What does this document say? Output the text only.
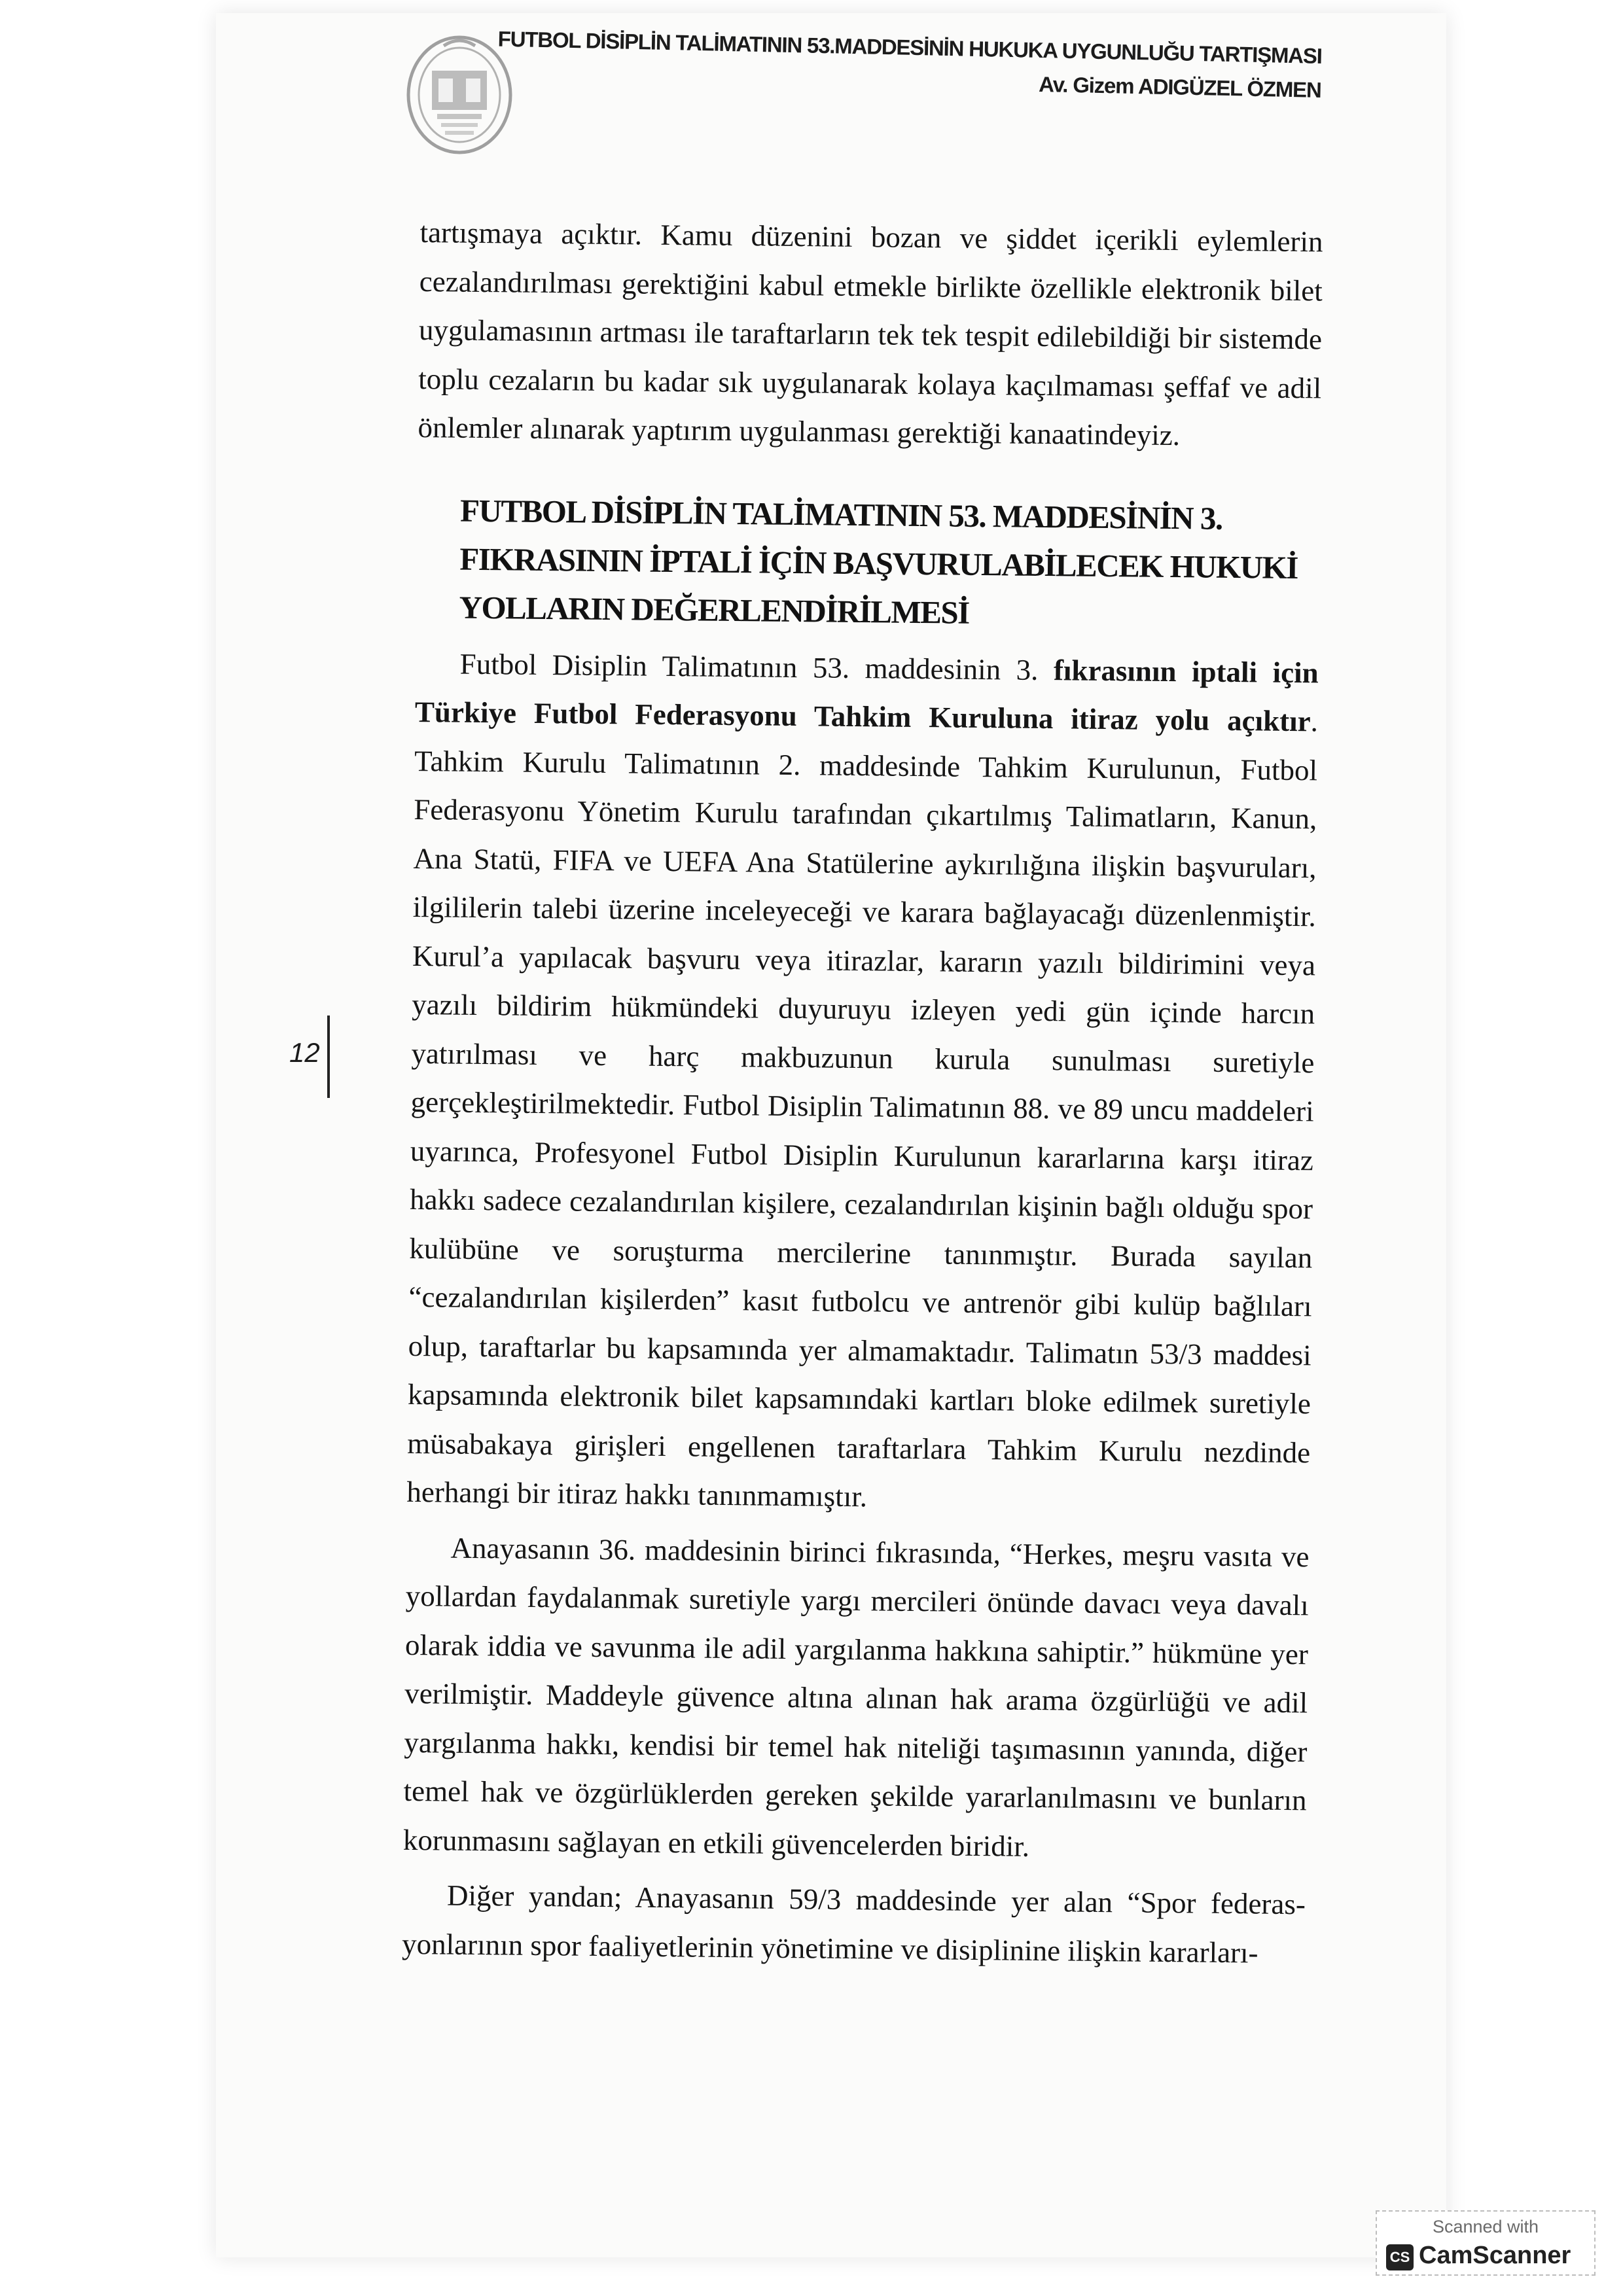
FUTBOL DİSİPLİN TALİMATININ 53.MADDESİNİN HUKUKA UYGUNLUĞU TARTIŞMASI
Av. Gizem ADIGÜZEL ÖZMEN

tartışmaya açıktır. Kamu düzenini bozan ve şiddet içerikli eylemlerin cezalandırılması gerektiğini kabul etmekle birlikte özellikle elektronik bilet uygulamasının artması ile taraftarların tek tek tespit edilebildiği bir sistemde toplu cezaların bu kadar sık uygulanarak kolaya kaçılmaması şeffaf ve adil önlemler alınarak yaptırım uygulanması gerektiği kanaatindeyiz.

FUTBOL DİSİPLİN TALİMATININ 53. MADDESİNİN 3.
FIKRASININ İPTALİ İÇİN BAŞVURULABİLECEK HUKUKİ
YOLLARIN DEĞERLENDİRİLMESİ

Futbol Disiplin Talimatının 53. maddesinin 3. fıkrasının iptali için Türkiye Futbol Federasyonu Tahkim Kuruluna itiraz yolu açıktır. Tahkim Kurulu Talimatının 2. maddesinde Tahkim Kurulunun, Futbol Federasyonu Yönetim Kurulu tarafından çıkartılmış Talimatların, Kanun, Ana Statü, FIFA ve UEFA Ana Statülerine aykırılığına ilişkin başvuruları, ilgililerin talebi üzerine inceleyeceği ve karara bağlayacağı düzenlenmiştir. Kurul’a yapılacak başvuru veya itirazlar, kararın yazılı bildirimini veya yazılı bildirim hükmündeki duyuruyu izleyen yedi gün içinde harcın yatırılması ve harç makbuzunun kurula sunulması suretiyle gerçekleştirilmektedir. Futbol Disiplin Talimatının 88. ve 89 uncu maddeleri uyarınca, Profesyonel Futbol Disiplin Kurulunun kararlarına karşı itiraz hakkı sadece cezalandırılan kişilere, cezalandırılan kişinin bağlı olduğu spor kulübüne ve soruşturma mercilerine tanınmıştır. Burada sayılan “cezalandırılan kişilerden” kasıt futbolcu ve antrenör gibi kulüp bağlıları olup, taraftarlar bu kapsamında yer almamaktadır. Talimatın 53/3 maddesi kapsamında elektronik bilet kapsamındaki kartları bloke edilmek suretiyle müsabakaya girişleri engellenen taraftarlara Tahkim Kurulu nezdinde herhangi bir itiraz hakkı tanınmamıştır.

Anayasanın 36. maddesinin birinci fıkrasında, “Herkes, meşru vasıta ve yollardan faydalanmak suretiyle yargı mercileri önünde davacı veya davalı olarak iddia ve savunma ile adil yargılanma hakkına sahiptir.” hükmüne yer verilmiştir. Maddeyle güvence altına alınan hak arama özgürlüğü ve adil yargılanma hakkı, kendisi bir temel hak niteliği taşımasının yanında, diğer temel hak ve özgürlüklerden gereken şekilde yararlanılmasını ve bunların korunmasını sağlayan en etkili güvencelerden biridir.

Diğer yandan; Anayasanın 59/3 maddesinde yer alan “Spor federasyonlarının spor faaliyetlerinin yönetimine ve disiplinine ilişkin kararları-

12
Scanned with
CS CamScanner
